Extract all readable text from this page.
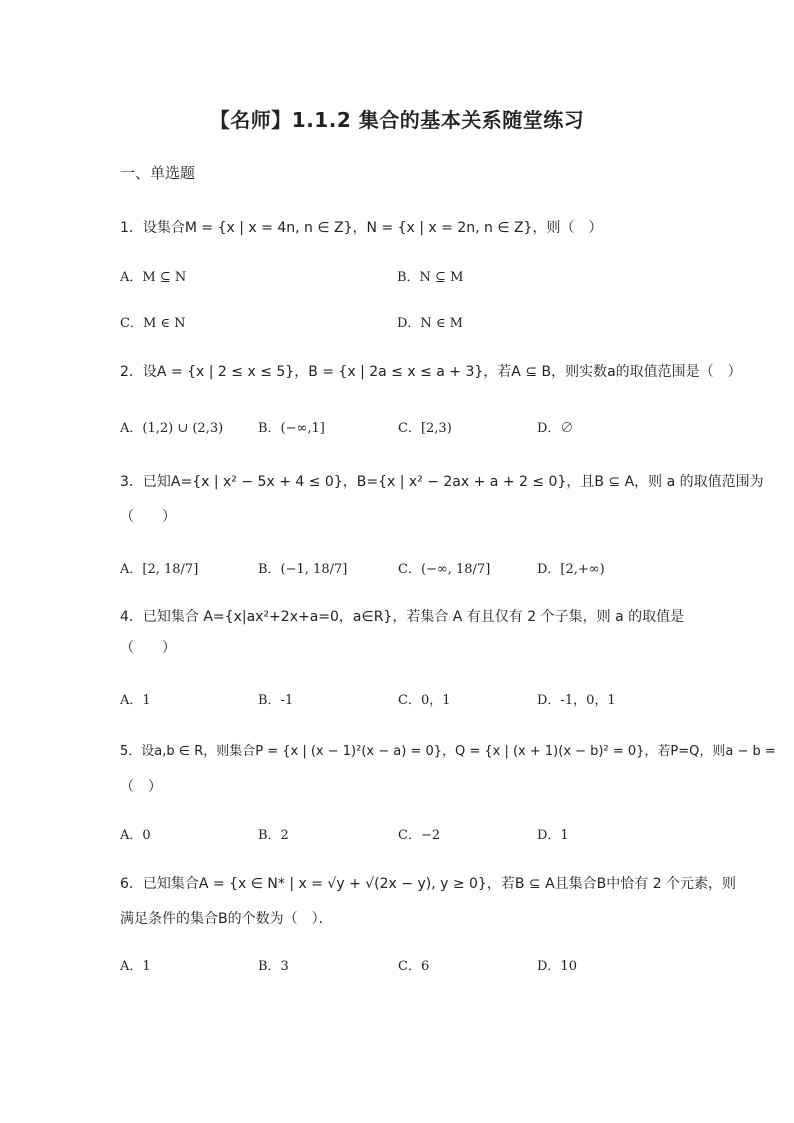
【名师】1.1.2 集合的基本关系随堂练习
一、单选题
1．设集合M = {x | x = 4n, n ∈ Z}，N = {x | x = 2n, n ∈ Z}，则（　）
A．M ⊆ N	B．N ⊆ M
C．M ∈ N	D．N ∈ M
2．设A = {x | 2 ≤ x ≤ 5}，B = {x | 2a ≤ x ≤ a + 3}，若A ⊆ B，则实数a的取值范围是（　）
A．(1,2) ∪ (2,3)	B．(−∞,1]	C．[2,3)	D．∅
3．已知A={x | x² − 5x + 4 ≤ 0}，B={x | x² − 2ax + a + 2 ≤ 0}，且B ⊆ A，则 a 的取值范围为
（　　）
A．[2, 18/7]	B．(−1, 18/7]	C．(−∞, 18/7]	D．[2,+∞)
4．已知集合 A={x|ax²+2x+a=0，a∈R}，若集合 A 有且仅有 2 个子集，则 a 的取值是
（　　）
A．1	B．-1	C．0，1	D．-1，0，1
5．设a,b ∈ R，则集合P = {x | (x − 1)²(x − a) = 0}，Q = {x | (x + 1)(x − b)² = 0}，若P=Q，则a − b =
（　）
A．0	B．2	C．−2	D．1
6．已知集合A = {x ∈ N* | x = √y + √(2x − y), y ≥ 0}，若B ⊆ A且集合B中恰有 2 个元素，则
满足条件的集合B的个数为（　）．
A．1	B．3	C．6	D．10
